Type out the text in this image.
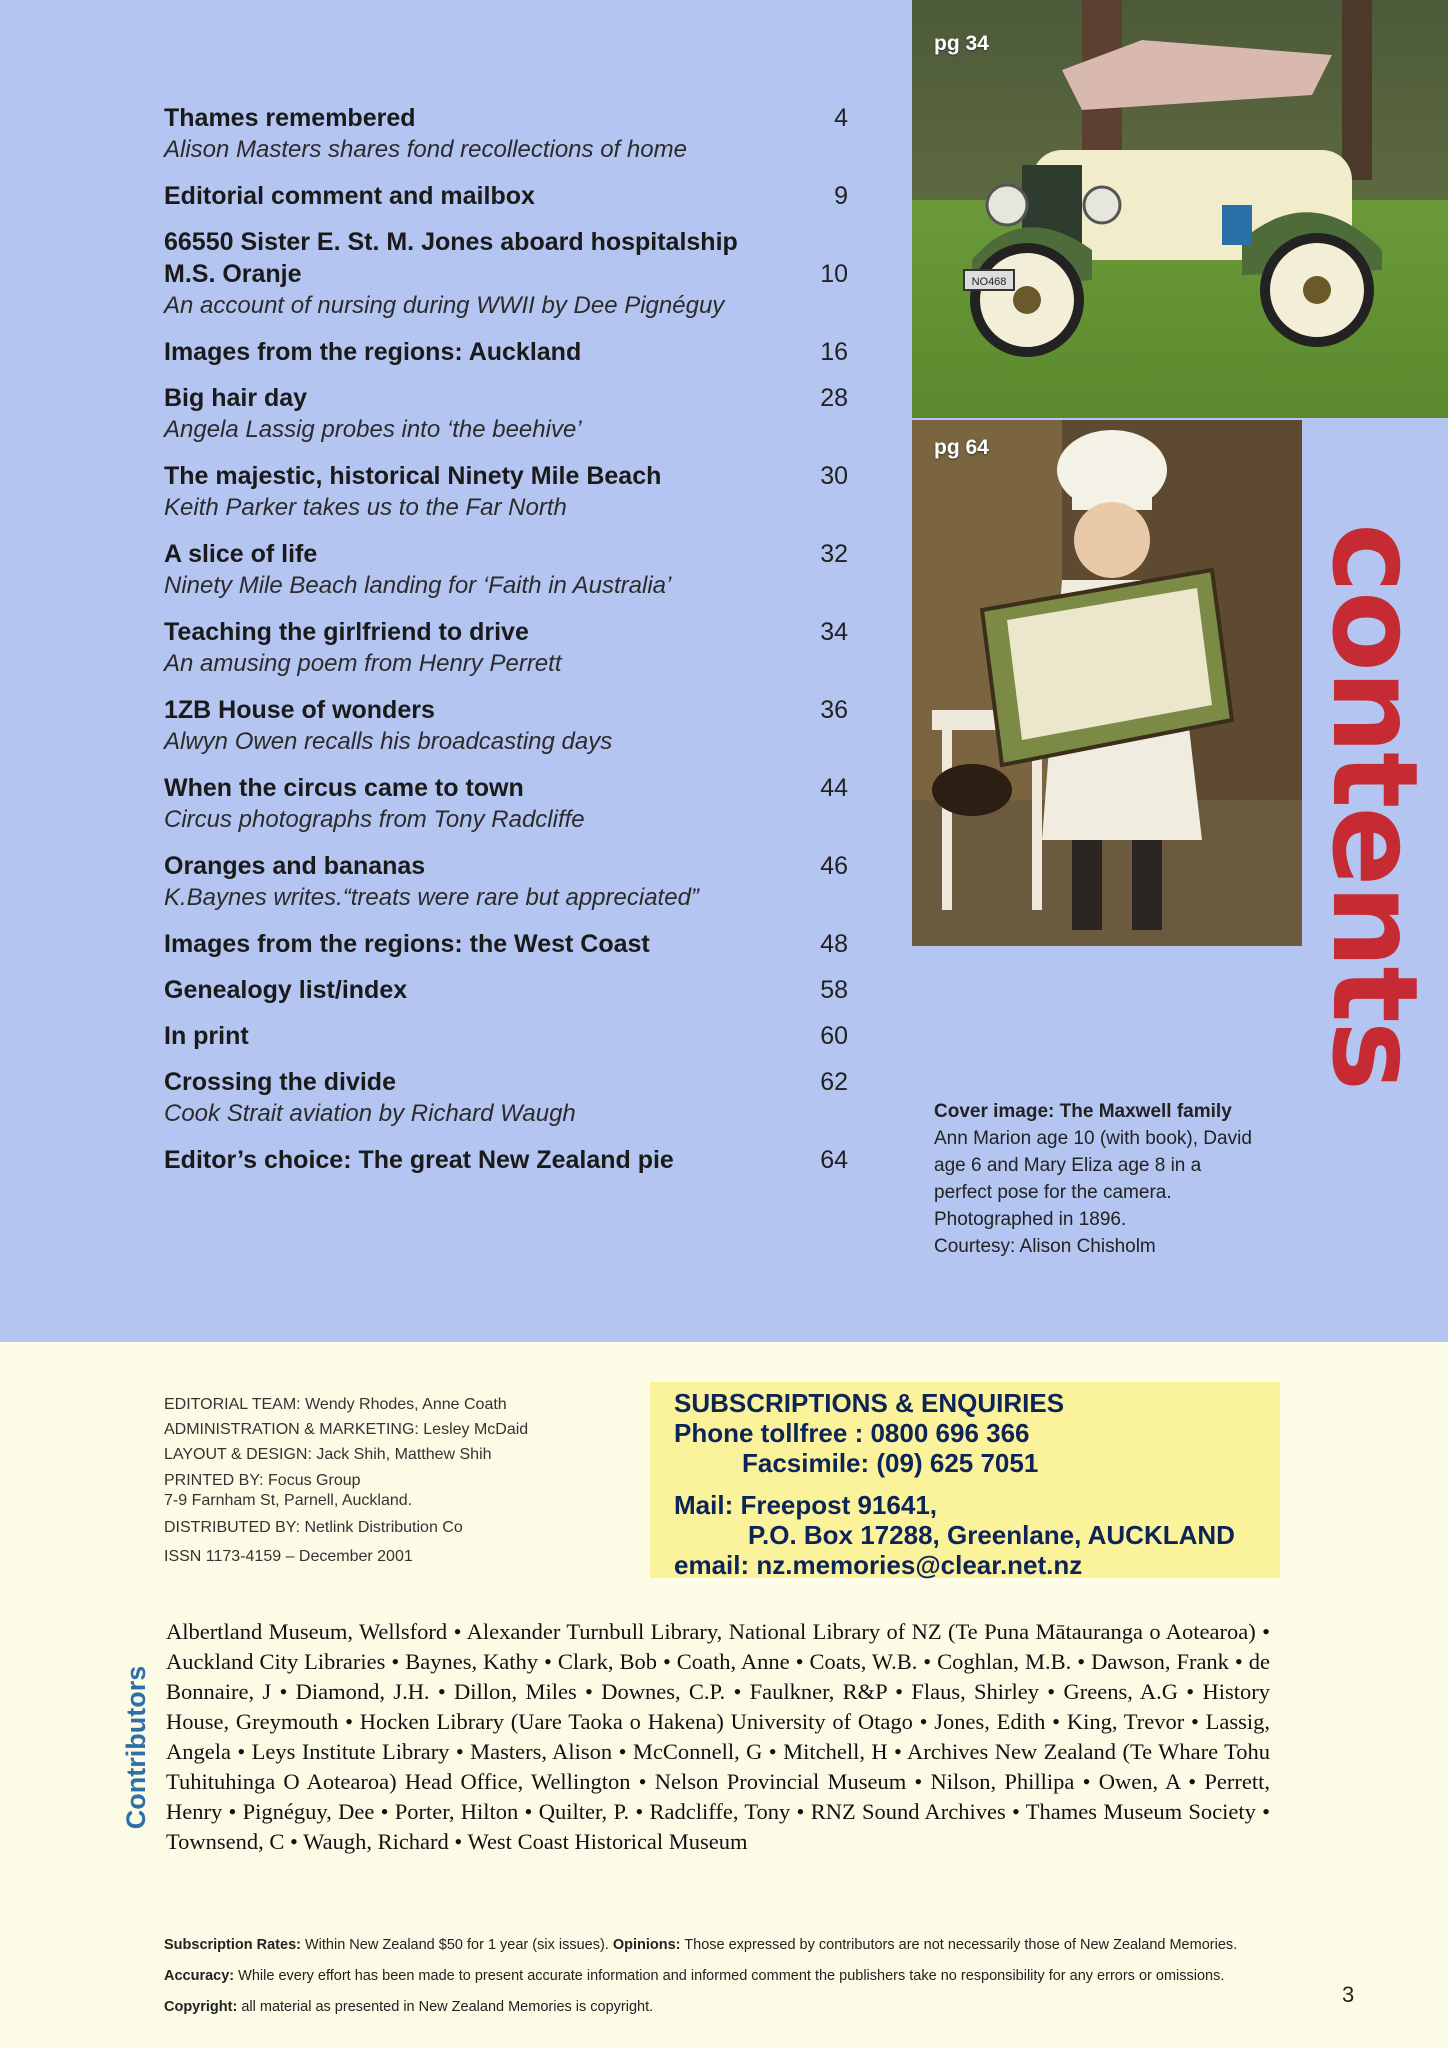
4
Thames remembered
Alison Masters shares fond recollections of home
9
Editorial comment and mailbox
10
66550 Sister E. St. M. Jones aboard hospitalship M.S. Oranje
An account of nursing during WWII by Dee Pignéguy
16
Images from the regions: Auckland
28
Big hair day
Angela Lassig probes into ‘the beehive’
30
The majestic, historical Ninety Mile Beach
Keith Parker takes us to the Far North
32
A slice of life
Ninety Mile Beach landing for ‘Faith in Australia’
34
Teaching the girlfriend to drive
An amusing poem from Henry Perrett
36
1ZB House of wonders
Alwyn Owen recalls his broadcasting days
44
When the circus came to town
Circus photographs from Tony Radcliffe
46
Oranges and bananas
K.Baynes writes.“treats were rare but appreciated”
48
Images from the regions: the West Coast
58
Genealogy list/index
60
In print
62
Crossing the divide
Cook Strait aviation by Richard Waugh
64
Editor’s choice: The great New Zealand pie
NO468
pg 34
pg 64
contents
Cover image: The Maxwell family
Ann Marion age 10 (with book), David
age 6 and Mary Eliza age 8 in a
perfect pose for the camera.
Photographed in 1896.
Courtesy: Alison Chisholm
EDITORIAL TEAM: Wendy Rhodes, Anne Coath
ADMINISTRATION & MARKETING: Lesley McDaid
LAYOUT & DESIGN: Jack Shih, Matthew Shih
PRINTED BY: Focus Group
7-9 Farnham St, Parnell, Auckland.
DISTRIBUTED BY: Netlink Distribution Co
ISSN 1173-4159 – December 2001
SUBSCRIPTIONS & ENQUIRIES
Phone tollfree : 0800 696 366
Facsimile: (09) 625 7051
Mail: Freepost 91641,
P.O. Box 17288, Greenlane, AUCKLAND
email: nz.memories@clear.net.nz
Contributors
Albertland Museum, Wellsford • Alexander Turnbull Library, National Library of NZ (Te Puna Mātauranga o Aotearoa) • Auckland City Libraries • Baynes, Kathy • Clark, Bob • Coath, Anne • Coats, W.B. • Coghlan, M.B. • Dawson, Frank • de Bonnaire, J • Diamond, J.H. • Dillon, Miles • Downes, C.P. • Faulkner, R&P • Flaus, Shirley • Greens, A.G • History House, Greymouth • Hocken Library (Uare Taoka o Hakena) University of Otago • Jones, Edith • King, Trevor • Lassig, Angela • Leys Institute Library • Masters, Alison • McConnell, G • Mitchell, H • Archives New Zealand (Te Whare Tohu Tuhituhinga O Aotearoa) Head Office, Wellington • Nelson Provincial Museum • Nilson, Phillipa • Owen, A • Perrett, Henry • Pignéguy, Dee • Porter, Hilton • Quilter, P. • Radcliffe, Tony • RNZ Sound Archives • Thames Museum Society • Townsend, C • Waugh, Richard • West Coast Historical Museum
Subscription Rates: Within New Zealand $50 for 1 year (six issues). Opinions: Those expressed by contributors are not necessarily those of New Zealand Memories. Accuracy: While every effort has been made to present accurate information and informed comment the publishers take no responsibility for any errors or omissions. Copyright: all material as presented in New Zealand Memories is copyright.	3
